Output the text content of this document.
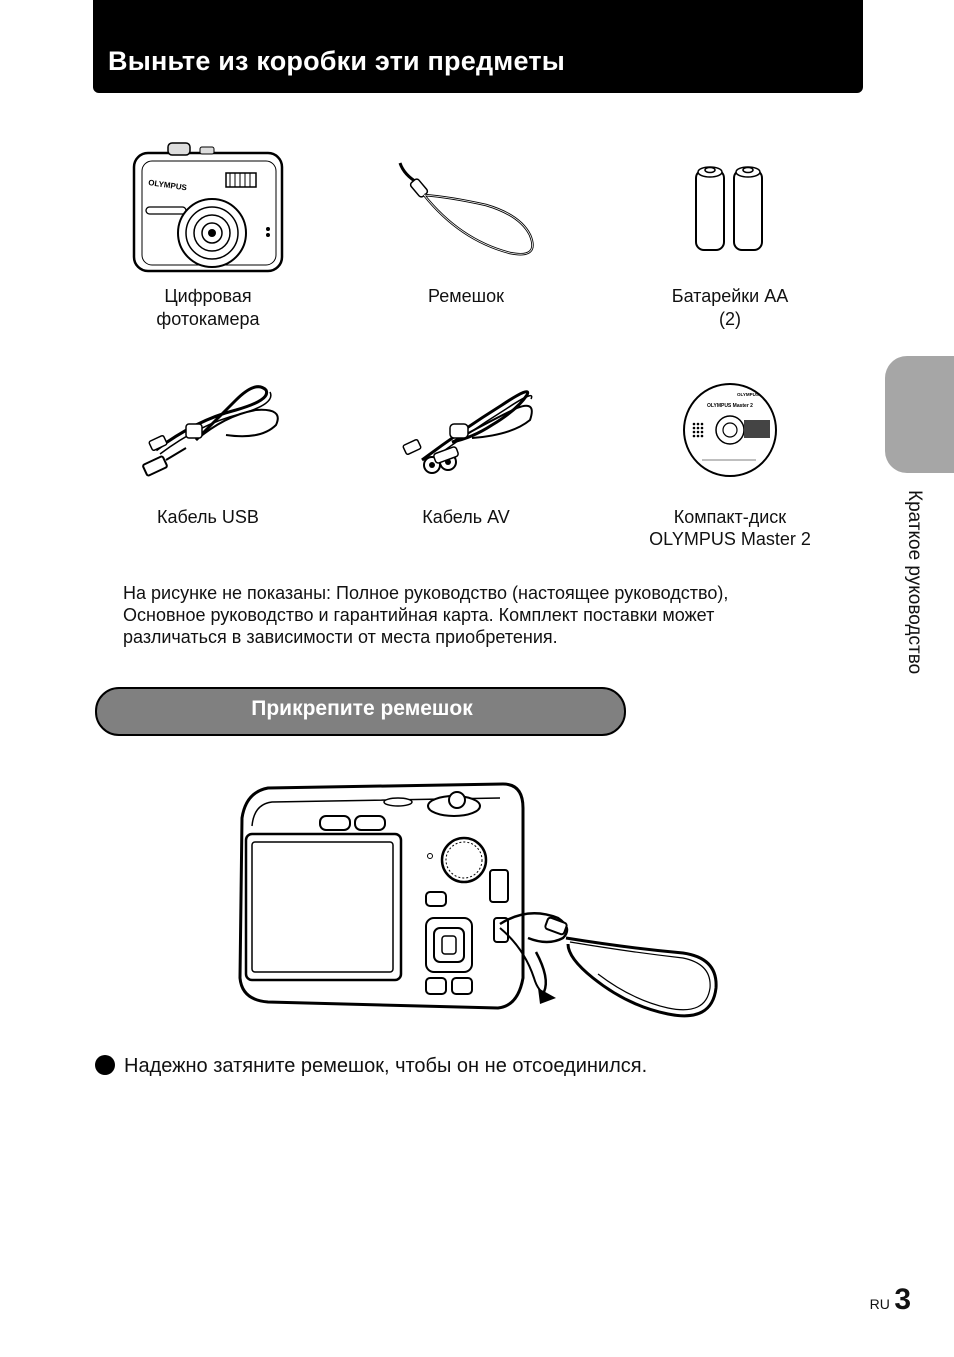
Выньте из коробки эти предметы
Краткое руководство
OLYMPUS
Цифровая
фотокамера
Ремешок	Батарейки АА
(2)
Кабель USB	Кабель AV
OLYMPUS
OLYMPUS Master 2
Компакт-диск
OLYMPUS Master 2
На рисунке не показаны: Полное руководство (настоящее руководство),
Основное руководство и гарантийная карта. Комплект поставки может
различаться в зависимости от места приобретения.
Прикрепите ремешок
Надежно затяните ремешок, чтобы он не отсоединился.
RU 3
